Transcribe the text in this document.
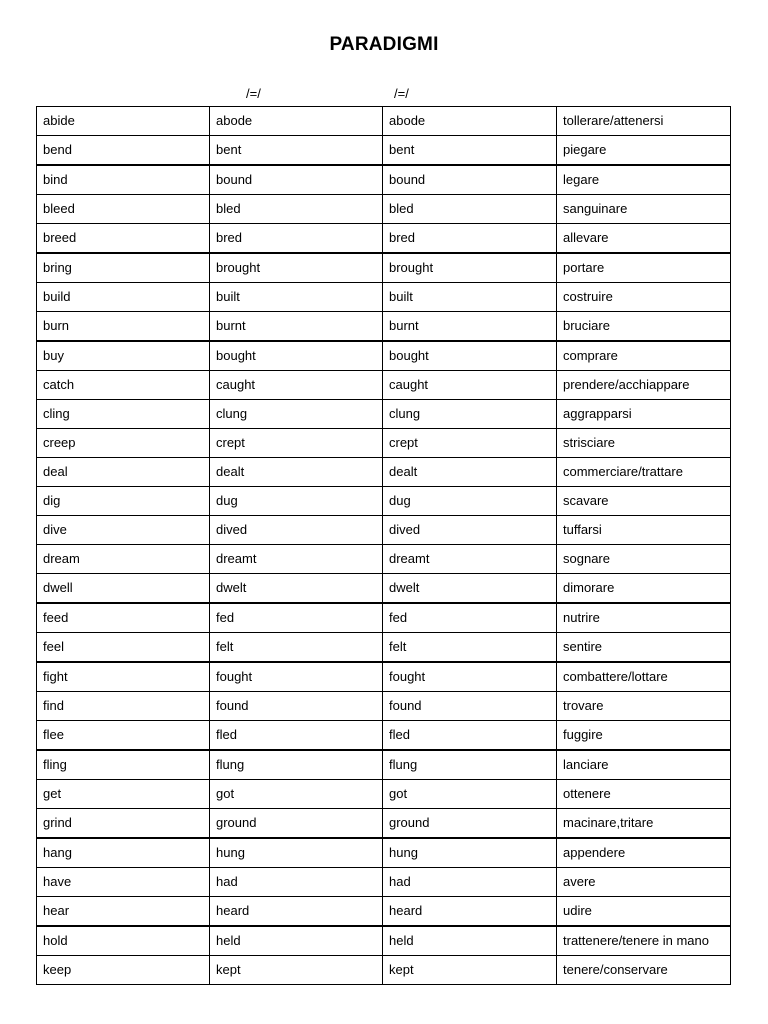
PARADIGMI
/=/	/=/
abide	abode	abode	tollerare/attenersi
bend	bent	bent	piegare
bind	bound	bound	legare
bleed	bled	bled	sanguinare
breed	bred	bred	allevare
bring	brought	brought	portare
build	built	built	costruire
burn	burnt	burnt	bruciare
buy	bought	bought	comprare
catch	caught	caught	prendere/acchiappare
cling	clung	clung	aggrapparsi
creep	crept	crept	strisciare
deal	dealt	dealt	commerciare/trattare
dig	dug	dug	scavare
dive	dived	dived	tuffarsi
dream	dreamt	dreamt	sognare
dwell	dwelt	dwelt	dimorare
feed	fed	fed	nutrire
feel	felt	felt	sentire
fight	fought	fought	combattere/lottare
find	found	found	trovare
flee	fled	fled	fuggire
fling	flung	flung	lanciare
get	got	got	ottenere
grind	ground	ground	macinare,tritare
hang	hung	hung	appendere
have	had	had	avere
hear	heard	heard	udire
hold	held	held	trattenere/tenere in mano
keep	kept	kept	tenere/conservare
